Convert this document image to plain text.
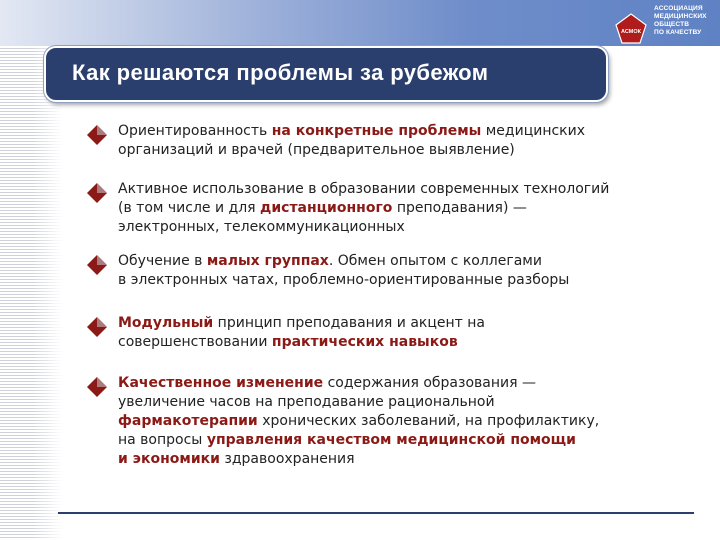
АСМОК
АССОЦИАЦИЯ
МЕДИЦИНСКИХ
ОБЩЕСТВ
ПО КАЧЕСТВУ
Как решаются проблемы за рубежом
Ориентированность на конкретные проблемы медицинских
организаций и врачей (предварительное выявление)
Активное использование в образовании современных технологий
(в том числе и для дистанционного преподавания) —
электронных, телекоммуникационных
Обучение в малых группах. Обмен опытом с коллегами
в электронных чатах, проблемно-ориентированные разборы
Модульный принцип преподавания и акцент на
совершенствовании практических навыков
Качественное изменение содержания образования —
увеличение часов на преподавание рациональной
фармакотерапии хронических заболеваний, на профилактику,
на вопросы управления качеством медицинской помощи
и экономики здравоохранения
